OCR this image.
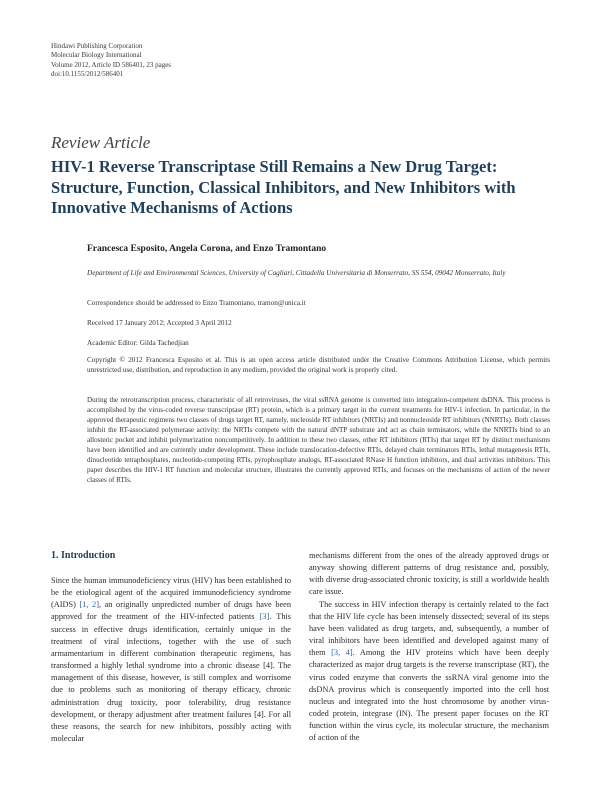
Hindawi Publishing Corporation
Molecular Biology International
Volume 2012, Article ID 586401, 23 pages
doi:10.1155/2012/586401
Review Article
HIV-1 Reverse Transcriptase Still Remains a New Drug Target: Structure, Function, Classical Inhibitors, and New Inhibitors with Innovative Mechanisms of Actions
Francesca Esposito, Angela Corona, and Enzo Tramontano
Department of Life and Environmental Sciences, University of Cagliari, Cittadella Universitaria di Monserrato, SS 554, 09042 Monserrato, Italy
Correspondence should be addressed to Enzo Tramontano, tramon@unica.it
Received 17 January 2012; Accepted 3 April 2012
Academic Editor: Gilda Tachedjian
Copyright © 2012 Francesca Esposito et al. This is an open access article distributed under the Creative Commons Attribution License, which permits unrestricted use, distribution, and reproduction in any medium, provided the original work is properly cited.
During the retrotranscription process, characteristic of all retroviruses, the viral ssRNA genome is converted into integration-competent dsDNA. This process is accomplished by the virus-coded reverse transcriptase (RT) protein, which is a primary target in the current treatments for HIV-1 infection. In particular, in the approved therapeutic regimens two classes of drugs target RT, namely, nucleoside RT inhibitors (NRTIs) and nonnucleoside RT inhibitors (NNRTIs). Both classes inhibit the RT-associated polymerase activity: the NRTIs compete with the natural dNTP substrate and act as chain terminators, while the NNRTIs bind to an allosteric pocket and inhibit polymerization noncompetitively. In addition to these two classes, other RT inhibitors (RTIs) that target RT by distinct mechanisms have been identified and are currently under development. These include translocation-defective RTIs, delayed chain terminators RTIs, lethal mutagenesis RTIs, dinucleotide tetraphosphates, nucleotide-competing RTIs, pyrophosphate analogs, RT-associated RNase H function inhibitors, and dual activities inhibitors. This paper describes the HIV-1 RT function and molecular structure, illustrates the currently approved RTIs, and focuses on the mechanisms of action of the newer classes of RTIs.
1. Introduction

Since the human immunodeficiency virus (HIV) has been established to be the etiological agent of the acquired immunodeficiency syndrome (AIDS) [1, 2], an originally unpredicted number of drugs have been approved for the treatment of the HIV-infected patients [3]. This success in effective drugs identification, certainly unique in the treatment of viral infections, together with the use of such armamentarium in different combination therapeutic regimens, has transformed a highly lethal syndrome into a chronic disease [4]. The management of this disease, however, is still complex and worrisome due to problems such as monitoring of therapy efficacy, chronic administration drug toxicity, poor tolerability, drug resistance development, or therapy adjustment after treatment failures [4]. For all these reasons, the search for new inhibitors, possibly acting with molecular

mechanisms different from the ones of the already approved drugs or anyway showing different patterns of drug resistance and, possibly, with diverse drug-associated chronic toxicity, is still a worldwide health care issue.

The success in HIV infection therapy is certainly related to the fact that the HIV life cycle has been intensely dissected; several of its steps have been validated as drug targets, and, subsequently, a number of viral inhibitors have been identified and developed against many of them [3, 4]. Among the HIV proteins which have been deeply characterized as major drug targets is the reverse transcriptase (RT), the virus coded enzyme that converts the ssRNA viral genome into the dsDNA provirus which is consequently imported into the cell host nucleus and integrated into the host chromosome by another virus-coded protein, integrase (IN). The present paper focuses on the RT function within the virus cycle, its molecular structure, the mechanism of action of the
